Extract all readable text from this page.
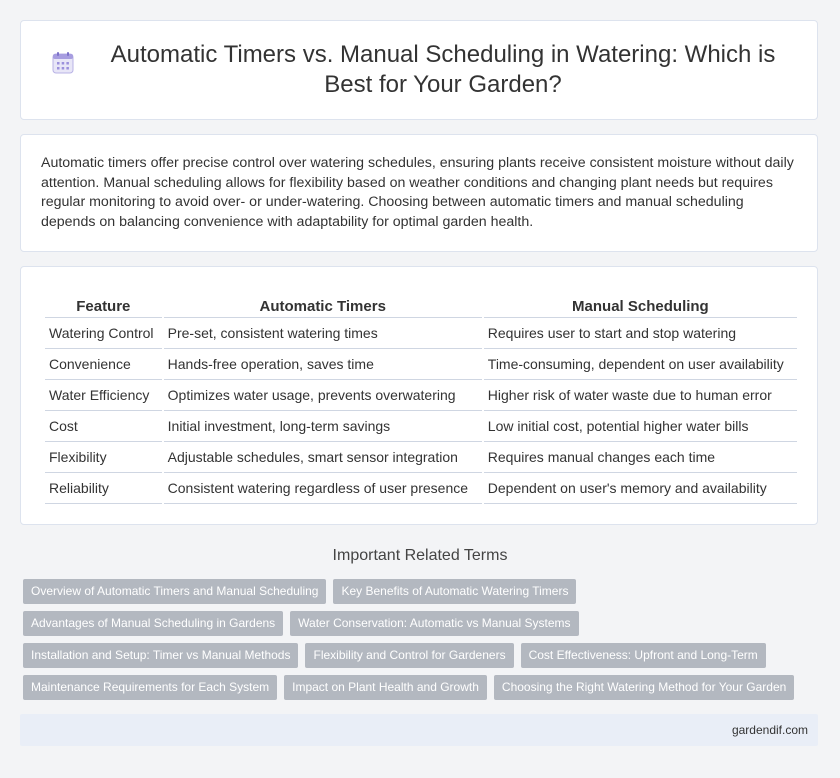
Automatic Timers vs. Manual Scheduling in Watering: Which is Best for Your Garden?

Automatic timers offer precise control over watering schedules, ensuring plants receive consistent moisture without daily attention. Manual scheduling allows for flexibility based on weather conditions and changing plant needs but requires regular monitoring to avoid over- or under-watering. Choosing between automatic timers and manual scheduling depends on balancing convenience with adaptability for optimal garden health.

Feature	Automatic Timers	Manual Scheduling
Watering Control	Pre-set, consistent watering times	Requires user to start and stop watering
Convenience	Hands-free operation, saves time	Time-consuming, dependent on user availability
Water Efficiency	Optimizes water usage, prevents overwatering	Higher risk of water waste due to human error
Cost	Initial investment, long-term savings	Low initial cost, potential higher water bills
Flexibility	Adjustable schedules, smart sensor integration	Requires manual changes each time
Reliability	Consistent watering regardless of user presence	Dependent on user's memory and availability
Important Related Terms
Overview of Automatic Timers and Manual Scheduling	Key Benefits of Automatic Watering Timers
Advantages of Manual Scheduling in Gardens	Water Conservation: Automatic vs Manual Systems
Installation and Setup: Timer vs Manual Methods	Flexibility and Control for Gardeners	Cost Effectiveness: Upfront and Long-Term
Maintenance Requirements for Each System	Impact on Plant Health and Growth	Choosing the Right Watering Method for Your Garden
gardendif.com
